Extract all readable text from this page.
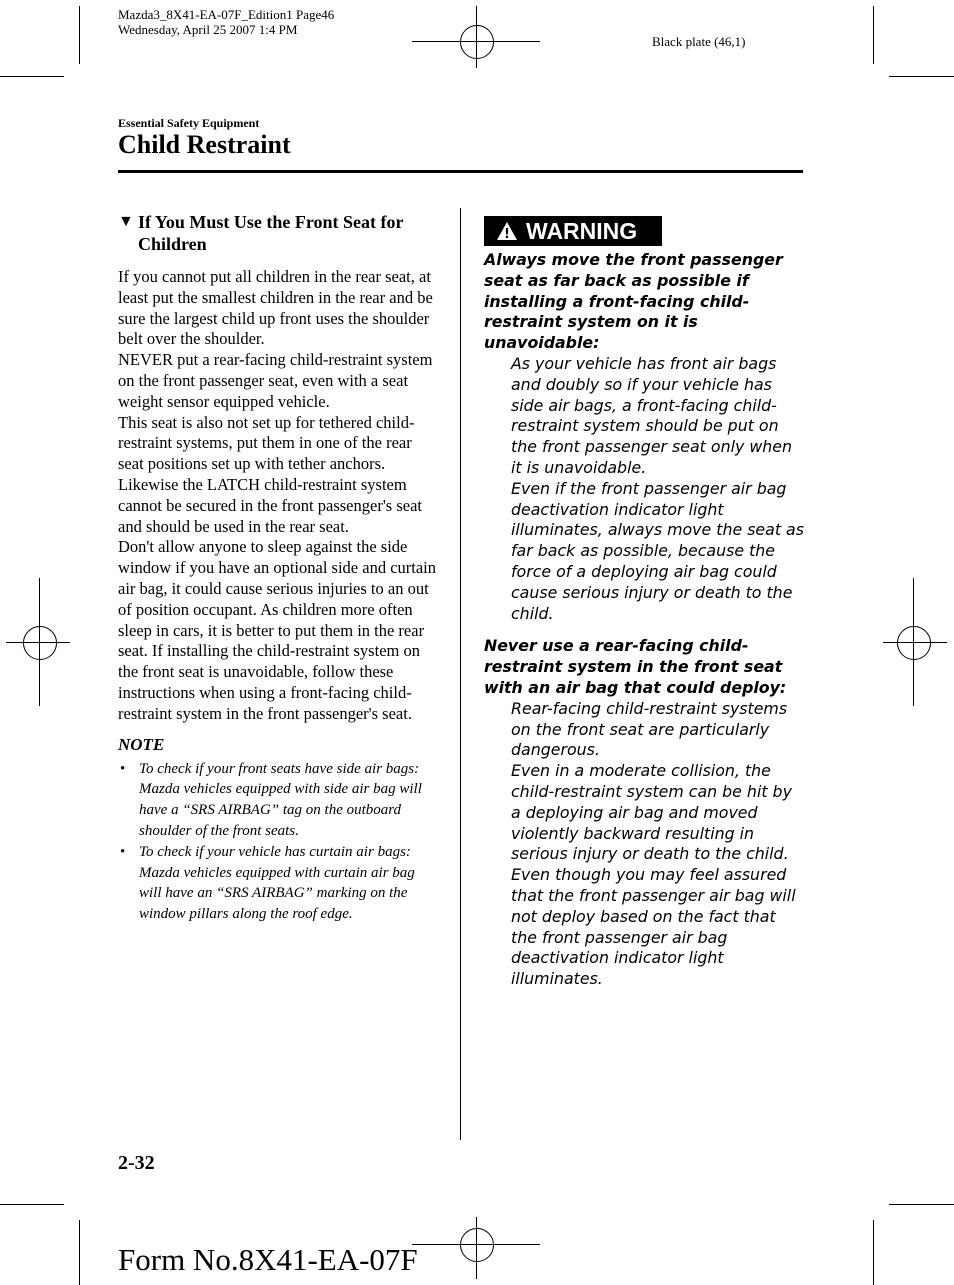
Mazda3_8X41-EA-07F_Edition1 Page46
Wednesday, April 25 2007 1:4 PM
Black plate (46,1)
Essential Safety Equipment
Child Restraint
▼ If You Must Use the Front Seat for Children

If you cannot put all children in the rear seat, at least put the smallest children in the rear and be sure the largest child up front uses the shoulder belt over the shoulder.

NEVER put a rear-facing child-restraint system on the front passenger seat, even with a seat weight sensor equipped vehicle.

This seat is also not set up for tethered child-restraint systems, put them in one of the rear seat positions set up with tether anchors.

Likewise the LATCH child-restraint system cannot be secured in the front passenger's seat and should be used in the rear seat.

Don't allow anyone to sleep against the side window if you have an optional side and curtain air bag, it could cause serious injuries to an out of position occupant. As children more often sleep in cars, it is better to put them in the rear seat. If installing the child-restraint system on the front seat is unavoidable, follow these instructions when using a front-facing child-restraint system in the front passenger's seat.

NOTE
• To check if your front seats have side air bags:
Mazda vehicles equipped with side air bag will have a “SRS AIRBAG” tag on the outboard shoulder of the front seats.
• To check if your vehicle has curtain air bags:
Mazda vehicles equipped with curtain air bag will have an “SRS AIRBAG” marking on the window pillars along the roof edge.
! WARNING

Always move the front passenger seat as far back as possible if installing a front-facing child-restraint system on it is unavoidable:

As your vehicle has front air bags and doubly so if your vehicle has side air bags, a front-facing child-restraint system should be put on the front passenger seat only when it is unavoidable.

Even if the front passenger air bag deactivation indicator light illuminates, always move the seat as far back as possible, because the force of a deploying air bag could cause serious injury or death to the child.

Never use a rear-facing child-restraint system in the front seat with an air bag that could deploy:

Rear-facing child-restraint systems on the front seat are particularly dangerous.

Even in a moderate collision, the child-restraint system can be hit by a deploying air bag and moved violently backward resulting in serious injury or death to the child.

Even though you may feel assured that the front passenger air bag will not deploy based on the fact that the front passenger air bag deactivation indicator light illuminates.

2-32
Form No.8X41-EA-07F
